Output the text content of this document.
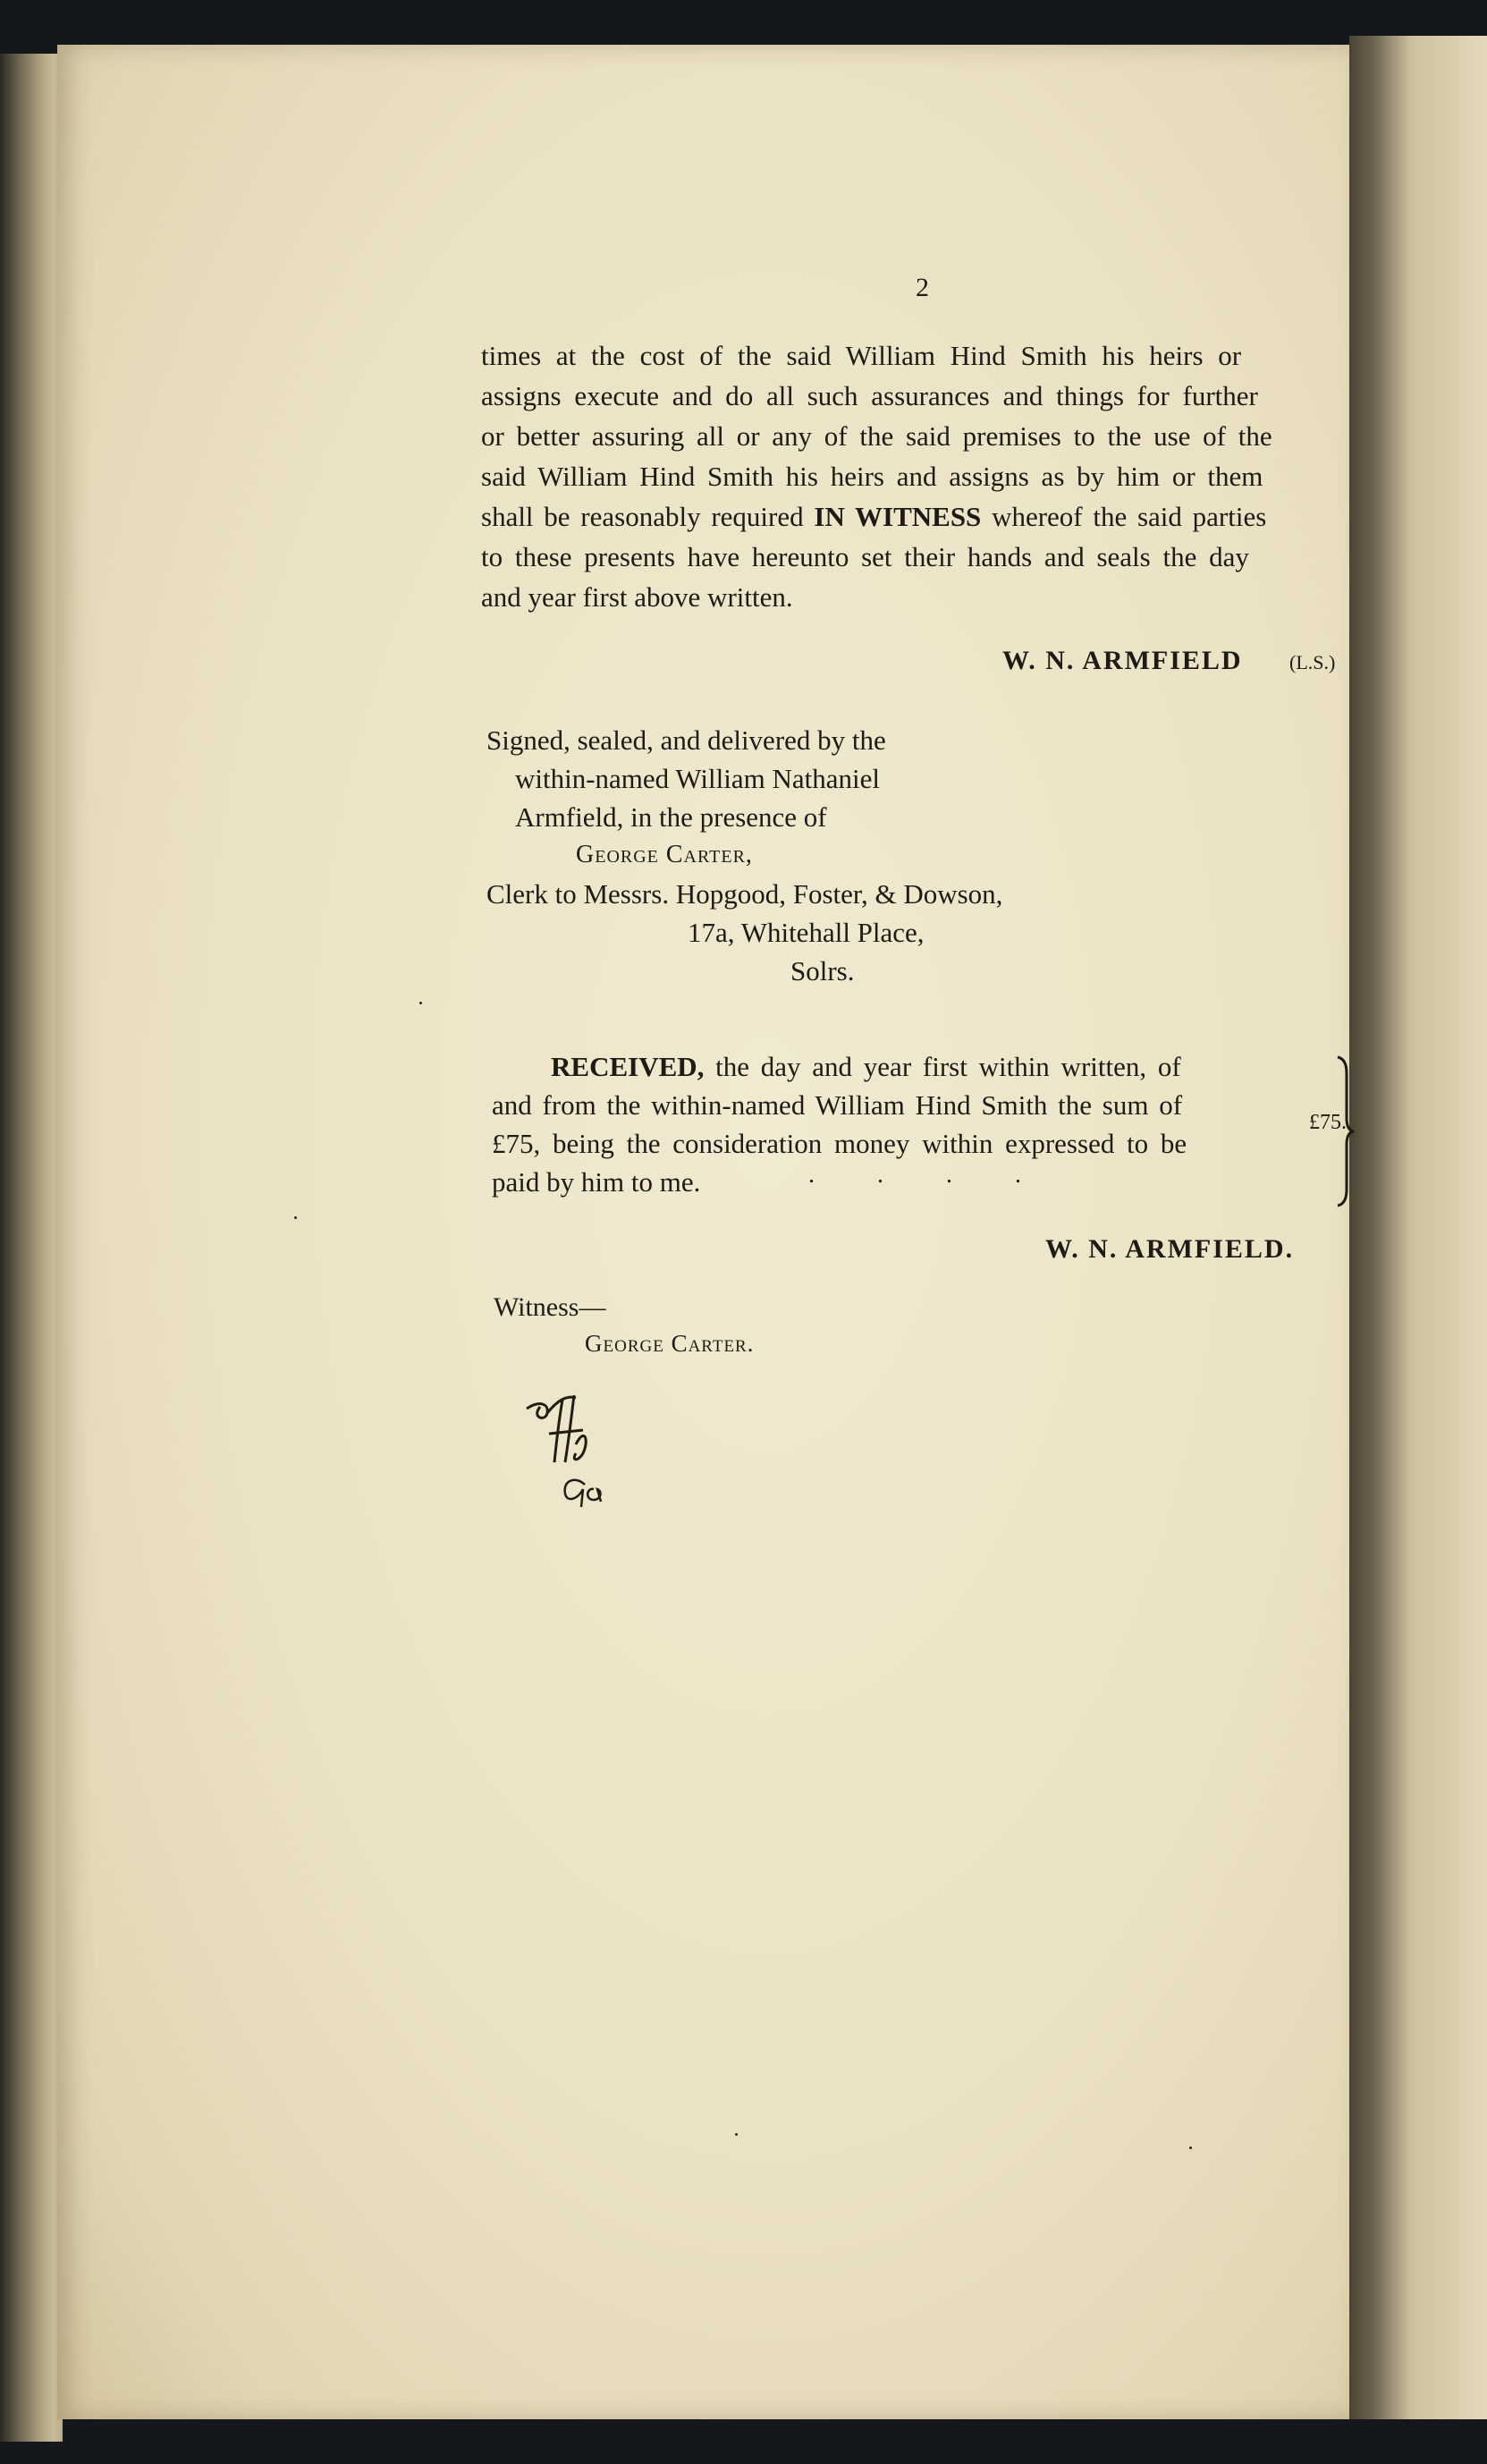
2
times at the cost of the said William Hind Smith his heirs or
assigns execute and do all such assurances and things for further
or better assuring all or any of the said premises to the use of the
said William Hind Smith his heirs and assigns as by him or them
shall be reasonably required IN WITNESS whereof the said parties
to these presents have hereunto set their hands and seals the day
and year first above written.
W. N. ARMFIELD (L.S.)
Signed, sealed, and delivered by the
within-named William Nathaniel
Armfield, in the presence of
George Carter,
Clerk to Messrs. Hopgood, Foster, & Dowson,
17a, Whitehall Place,
Solrs.
RECEIVED, the day and year first within written, of
and from the within-named William Hind Smith the sum of
£75, being the consideration money within expressed to be
paid by him to me.	.          .          .          .
£75.
W. N. ARMFIELD.
Witness—
George Carter.
